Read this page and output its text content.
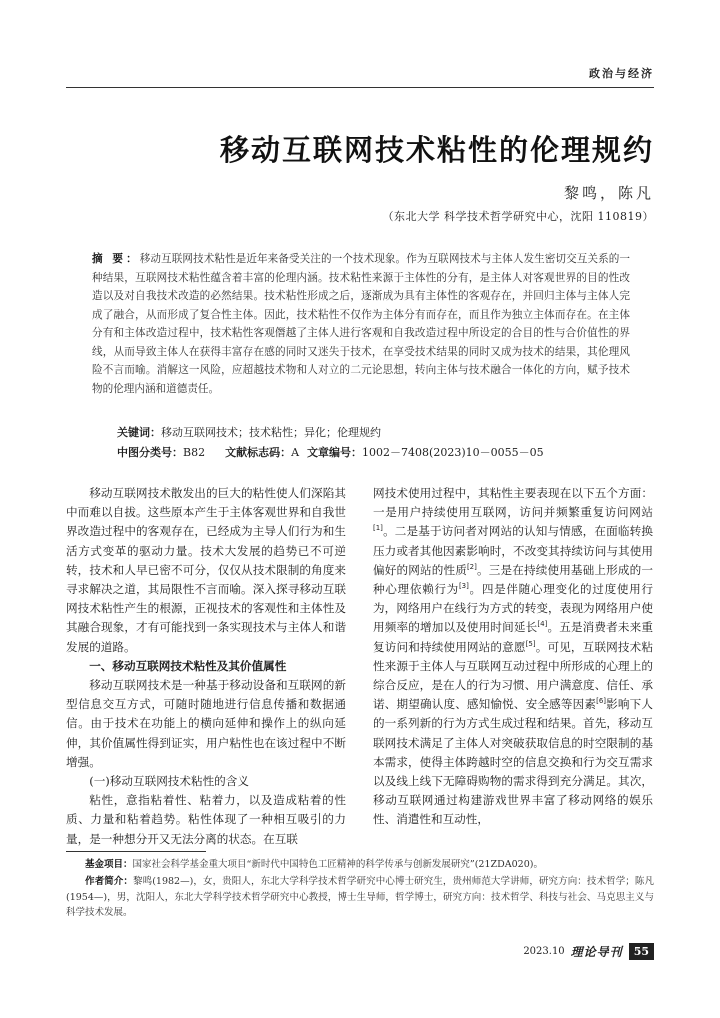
政治与经济
移动互联网技术粘性的伦理规约
黎鸣，陈凡
（东北大学 科学技术哲学研究中心，沈阳 110819）

摘 要：移动互联网技术粘性是近年来备受关注的一个技术现象。作为互联网技术与主体人发生密切交互关系的一种结果，互联网技术粘性蕴含着丰富的伦理内涵。技术粘性来源于主体性的分有，是主体人对客观世界的目的性改造以及对自我技术改造的必然结果。技术粘性形成之后，逐渐成为具有主体性的客观存在，并回归主体与主体人完成了融合，从而形成了复合性主体。因此，技术粘性不仅作为主体分有而存在，而且作为独立主体而存在。在主体分有和主体改造过程中，技术粘性客观僭越了主体人进行客观和自我改造过程中所设定的合目的性与合价值性的界线，从而导致主体人在获得丰富存在感的同时又迷失于技术，在享受技术结果的同时又成为技术的结果，其伦理风险不言而喻。消解这一风险，应超越技术物和人对立的二元论思想，转向主体与技术融合一体化的方向，赋予技术物的伦理内涵和道德责任。

关键词：移动互联网技术；技术粘性；异化；伦理规约
中图分类号：B82 文献标志码：A 文章编号：1002－7408(2023)10－0055－05

移动互联网技术散发出的巨大的粘性使人们深陷其中而难以自拔。这些原本产生于主体客观世界和自我世界改造过程中的客观存在，已经成为主导人们行为和生活方式变革的驱动力量。技术大发展的趋势已不可逆转，技术和人早已密不可分，仅仅从技术限制的角度来寻求解决之道，其局限性不言而喻。深入探寻移动互联网技术粘性产生的根源，正视技术的客观性和主体性及其融合现象，才有可能找到一条实现技术与主体人和谐发展的道路。

一、移动互联网技术粘性及其价值属性

移动互联网技术是一种基于移动设备和互联网的新型信息交互方式，可随时随地进行信息传播和数据通信。由于技术在功能上的横向延伸和操作上的纵向延伸，其价值属性得到证实，用户粘性也在该过程中不断增强。

(一)移动互联网技术粘性的含义

粘性，意指粘着性、粘着力，以及造成粘着的性质、力量和粘着趋势。粘性体现了一种相互吸引的力量，是一种想分开又无法分离的状态。在互联

网技术使用过程中，其粘性主要表现在以下五个方面：一是用户持续使用互联网，访问并频繁重复访问网站[1]。二是基于访问者对网站的认知与情感，在面临转换压力或者其他因素影响时，不改变其持续访问与其使用偏好的网站的性质[2]。三是在持续使用基础上形成的一种心理依赖行为[3]。四是伴随心理变化的过度使用行为，网络用户在线行为方式的转变，表现为网络用户使用频率的增加以及使用时间延长[4]。五是消费者未来重复访问和持续使用网站的意愿[5]。可见，互联网技术粘性来源于主体人与互联网互动过程中所形成的心理上的综合反应，是在人的行为习惯、用户满意度、信任、承诺、期望确认度、感知愉悦、安全感等因素[6]影响下人的一系列新的行为方式生成过程和结果。首先，移动互联网技术满足了主体人对突破获取信息的时空限制的基本需求，使得主体跨越时空的信息交换和行为交互需求以及线上线下无障碍购物的需求得到充分满足。其次，移动互联网通过构建游戏世界丰富了移动网络的娱乐性、消遣性和互动性，

基金项目：国家社会科学基金重大项目“新时代中国特色工匠精神的科学传承与创新发展研究”(21ZDA020)。

作者简介：黎鸣(1982—)，女，贵阳人，东北大学科学技术哲学研究中心博士研究生，贵州师范大学讲师，研究方向：技术哲学；陈凡(1954—)，男，沈阳人，东北大学科学技术哲学研究中心教授，博士生导师，哲学博士，研究方向：技术哲学、科技与社会、马克思主义与科学技术发展。

2023.10 理论导刊	55
